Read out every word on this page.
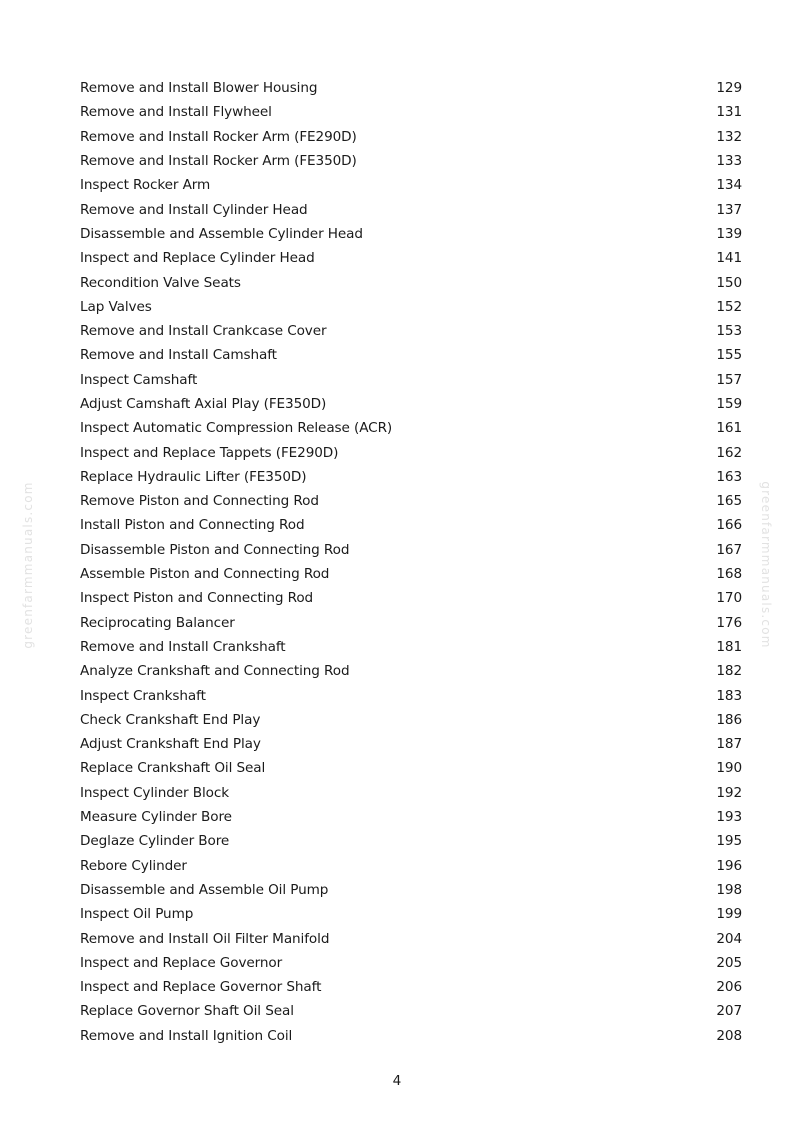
Remove and Install Blower Housing	129
Remove and Install Flywheel	131
Remove and Install Rocker Arm (FE290D)	132
Remove and Install Rocker Arm (FE350D)	133
Inspect Rocker Arm	134
Remove and Install Cylinder Head	137
Disassemble and Assemble Cylinder Head	139
Inspect and Replace Cylinder Head	141
Recondition Valve Seats	150
Lap Valves	152
Remove and Install Crankcase Cover	153
Remove and Install Camshaft	155
Inspect Camshaft	157
Adjust Camshaft Axial Play (FE350D)	159
Inspect Automatic Compression Release (ACR)	161
Inspect and Replace Tappets (FE290D)	162
Replace Hydraulic Lifter (FE350D)	163
Remove Piston and Connecting Rod	165
Install Piston and Connecting Rod	166
Disassemble Piston and Connecting Rod	167
Assemble Piston and Connecting Rod	168
Inspect Piston and Connecting Rod	170
Reciprocating Balancer	176
Remove and Install Crankshaft	181
Analyze Crankshaft and Connecting Rod	182
Inspect Crankshaft	183
Check Crankshaft End Play	186
Adjust Crankshaft End Play	187
Replace Crankshaft Oil Seal	190
Inspect Cylinder Block	192
Measure Cylinder Bore	193
Deglaze Cylinder Bore	195
Rebore Cylinder	196
Disassemble and Assemble Oil Pump	198
Inspect Oil Pump	199
Remove and Install Oil Filter Manifold	204
Inspect and Replace Governor	205
Inspect and Replace Governor Shaft	206
Replace Governor Shaft Oil Seal	207
Remove and Install Ignition Coil	208
greenfarmmanuals.com	greenfarmmanuals.com
4
